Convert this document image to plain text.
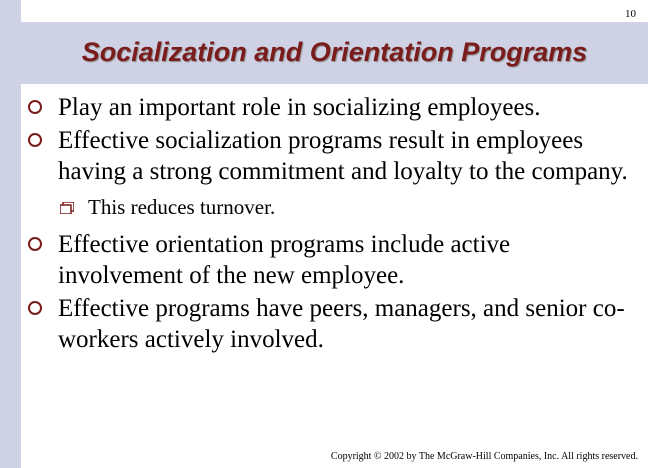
10
Socialization and Orientation Programs
Play an important role in socializing employees.
Effective socialization programs result in employees having a strong commitment and loyalty to the company.
This reduces turnover.
Effective orientation programs include active involvement of the new employee.
Effective programs have peers, managers, and senior co-workers actively involved.
Copyright © 2002 by The McGraw-Hill Companies, Inc. All rights reserved.
